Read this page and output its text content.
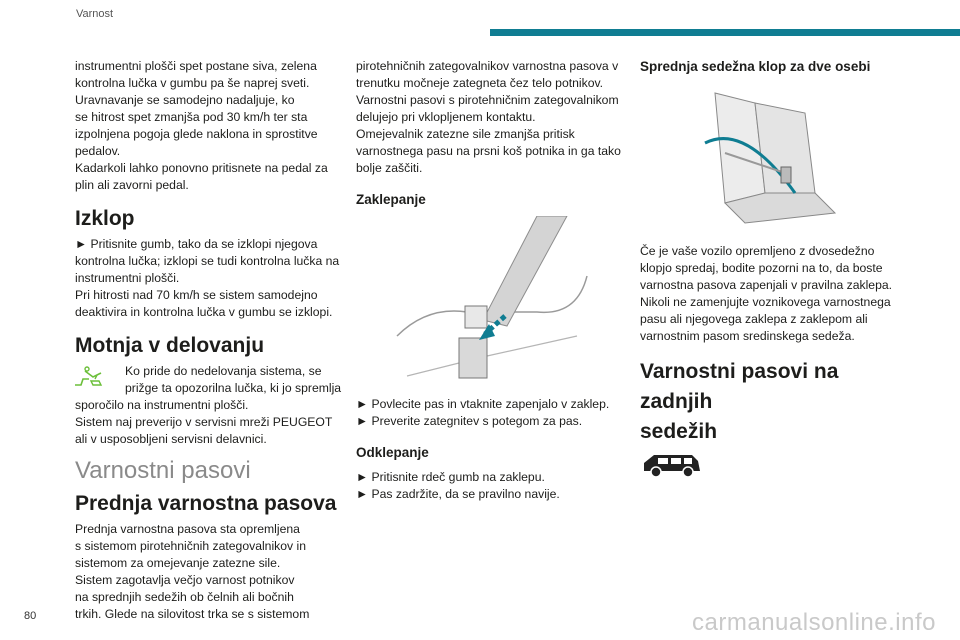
Varnost

instrumentni plošči spet postane siva, zelena
kontrolna lučka v gumbu pa še naprej sveti.
Uravnavanje se samodejno nadaljuje, ko
se hitrost spet zmanjša pod 30 km/h ter sta
izpolnjena pogoja glede naklona in sprostitve
pedalov.
Kadarkoli lahko ponovno pritisnete na pedal za
plin ali zavorni pedal.

Izklop

► Pritisnite gumb, tako da se izklopi njegova
kontrolna lučka; izklopi se tudi kontrolna lučka na
instrumentni plošči.
Pri hitrosti nad 70 km/h se sistem samodejno
deaktivira in kontrolna lučka v gumbu se izklopi.

Motnja v delovanju

Ko pride do nedelovanja sistema, se
prižge ta opozorilna lučka, ki jo spremlja

sporočilo na instrumentni plošči.
Sistem naj preverijo v servisni mreži PEUGEOT
ali v usposobljeni servisni delavnici.

Varnostni pasovi
Prednja varnostna pasova

Prednja varnostna pasova sta opremljena
s sistemom pirotehničnih zategovalnikov in
sistemom za omejevanje zatezne sile.
Sistem zagotavlja večjo varnost potnikov
na sprednjih sedežih ob čelnih ali bočnih
trkih. Glede na silovitost trka se s sistemom

pirotehničnih zategovalnikov varnostna pasova v
trenutku močneje zategneta čez telo potnikov.
Varnostni pasovi s pirotehničnim zategovalnikom
delujejo pri vklopljenem kontaktu.
Omejevalnik zatezne sile zmanjša pritisk
varnostnega pasu na prsni koš potnika in ga tako
bolje zaščiti.

Zaklepanje

► Povlecite pas in vtaknite zapenjalo v zaklep.

► Preverite zategnitev s potegom za pas.

Odklepanje

► Pritisnite rdeč gumb na zaklepu.

► Pas zadržite, da se pravilno navije.

Sprednja sedežna klop za dve osebi

Če je vaše vozilo opremljeno z dvosedežno
klopjo spredaj, bodite pozorni na to, da boste
varnostna pasova zapenjali v pravilna zaklepa.
Nikoli ne zamenjujte voznikovega varnostnega
pasu ali njegovega zaklepa z zaklepom ali
varnostnim pasom sredinskega sedeža.

Varnostni pasovi na zadnjih
sedežih
80	carmanualsonline.info
